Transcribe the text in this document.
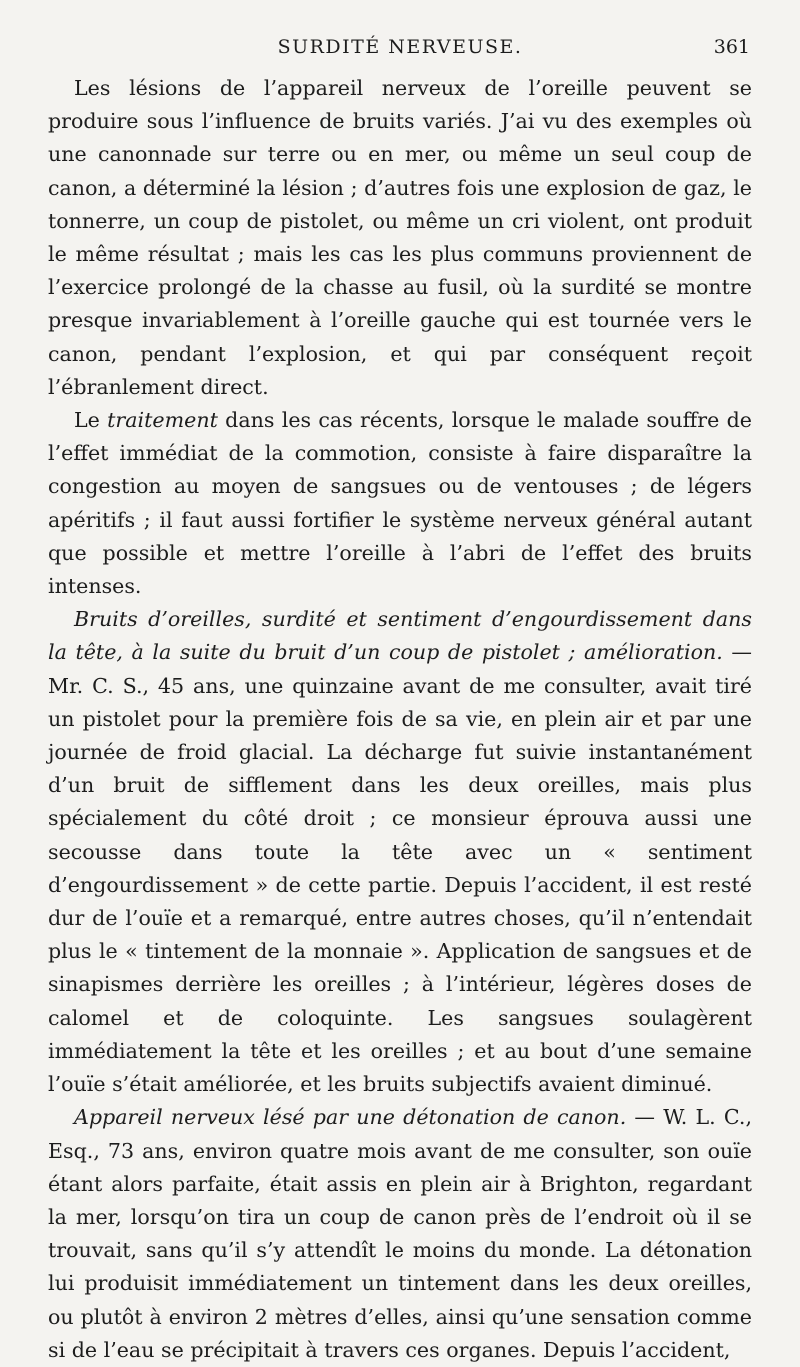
SURDITÉ NERVEUSE.	361

Les lésions de l’appareil nerveux de l’oreille peuvent se produire sous l’influence de bruits variés. J’ai vu des exemples où une canonnade sur terre ou en mer, ou même un seul coup de canon, a déterminé la lésion ; d’autres fois une explosion de gaz, le tonnerre, un coup de pistolet, ou même un cri violent, ont produit le même résultat ; mais les cas les plus communs proviennent de l’exercice prolongé de la chasse au fusil, où la surdité se montre presque invariablement à l’oreille gauche qui est tournée vers le canon, pendant l’explosion, et qui par conséquent reçoit l’ébranlement direct.

Le traitement dans les cas récents, lorsque le malade souffre de l’effet immédiat de la commotion, consiste à faire disparaître la congestion au moyen de sangsues ou de ventouses ; de légers apéritifs ; il faut aussi fortifier le système nerveux général autant que possible et mettre l’oreille à l’abri de l’effet des bruits intenses.

Bruits d’oreilles, surdité et sentiment d’engourdissement dans la tête, à la suite du bruit d’un coup de pistolet ; amélioration. — Mr. C. S., 45 ans, une quinzaine avant de me consulter, avait tiré un pistolet pour la première fois de sa vie, en plein air et par une journée de froid glacial. La décharge fut suivie instantanément d’un bruit de sifflement dans les deux oreilles, mais plus spécialement du côté droit ; ce monsieur éprouva aussi une secousse dans toute la tête avec un « sentiment d’engourdissement » de cette partie. Depuis l’accident, il est resté dur de l’ouïe et a remarqué, entre autres choses, qu’il n’entendait plus le « tintement de la monnaie ». Application de sangsues et de sinapismes derrière les oreilles ; à l’intérieur, légères doses de calomel et de coloquinte. Les sangsues soulagèrent immédiatement la tête et les oreilles ; et au bout d’une semaine l’ouïe s’était améliorée, et les bruits subjectifs avaient diminué.

Appareil nerveux lésé par une détonation de canon. — W. L. C., Esq., 73 ans, environ quatre mois avant de me consulter, son ouïe étant alors parfaite, était assis en plein air à Brighton, regardant la mer, lorsqu’on tira un coup de canon près de l’endroit où il se trouvait, sans qu’il s’y attendît le moins du monde. La détonation lui produisit immédiatement un tintement dans les deux oreilles, ou plutôt à environ 2 mètres d’elles, ainsi qu’une sensation comme si de l’eau se précipitait à travers ces organes. Depuis l’accident,
